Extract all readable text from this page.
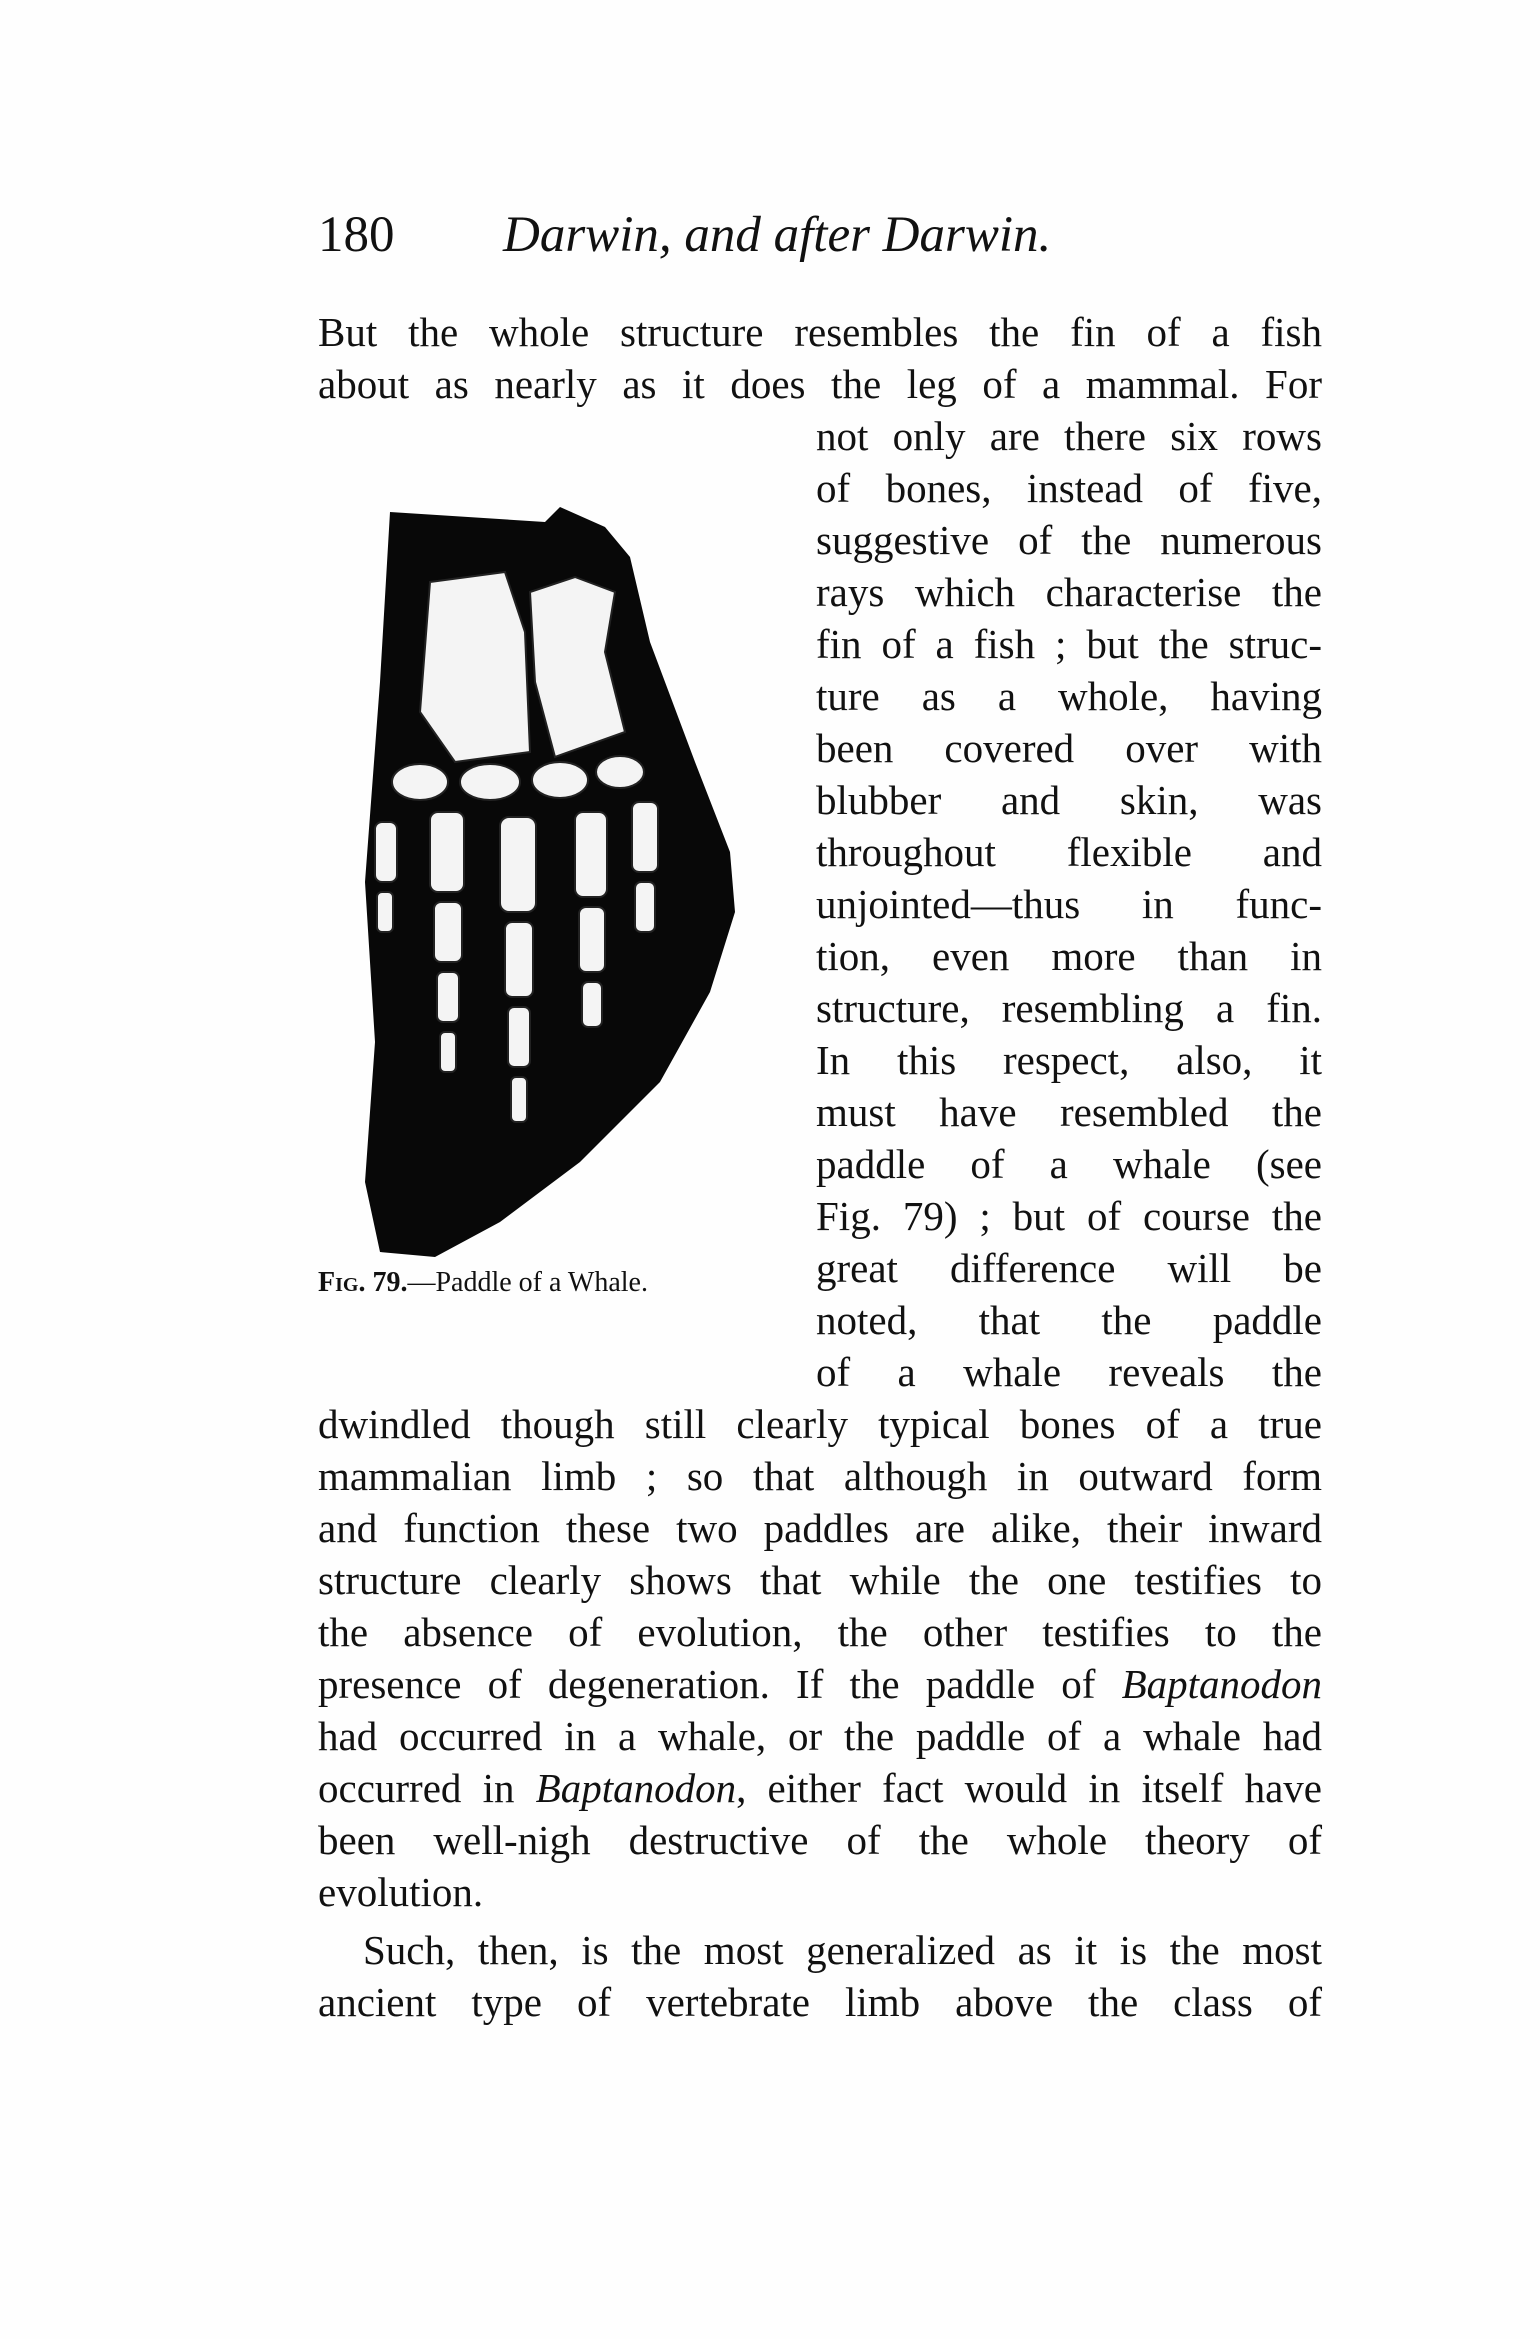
180 Darwin, and after Darwin.
But the whole structure resembles the fin of a fish
about as nearly as it does the leg of a mammal. For
not only are there six rows
of bones, instead of five,
suggestive of the numerous
rays which characterise the
fin of a fish ; but the struc-
ture as a whole, having
been covered over with
blubber and skin, was
throughout flexible and
unjointed—thus in func-
tion, even more than in
structure, resembling a fin.
In this respect, also, it
must have resembled the
paddle of a whale (see
Fig. 79) ; but of course the
great difference will be
noted, that the paddle
of a whale reveals the
dwindled though still clearly typical bones of a true
mammalian limb ; so that although in outward form
and function these two paddles are alike, their inward
structure clearly shows that while the one testifies to
the absence of evolution, the other testifies to the
presence of degeneration. If the paddle of Baptanodon
had occurred in a whale, or the paddle of a whale had
occurred in Baptanodon, either fact would in itself have
been well-nigh destructive of the whole theory of
evolution.
Such, then, is the most generalized as it is the most
ancient type of vertebrate limb above the class of
Fig. 79.—Paddle of a Whale.
